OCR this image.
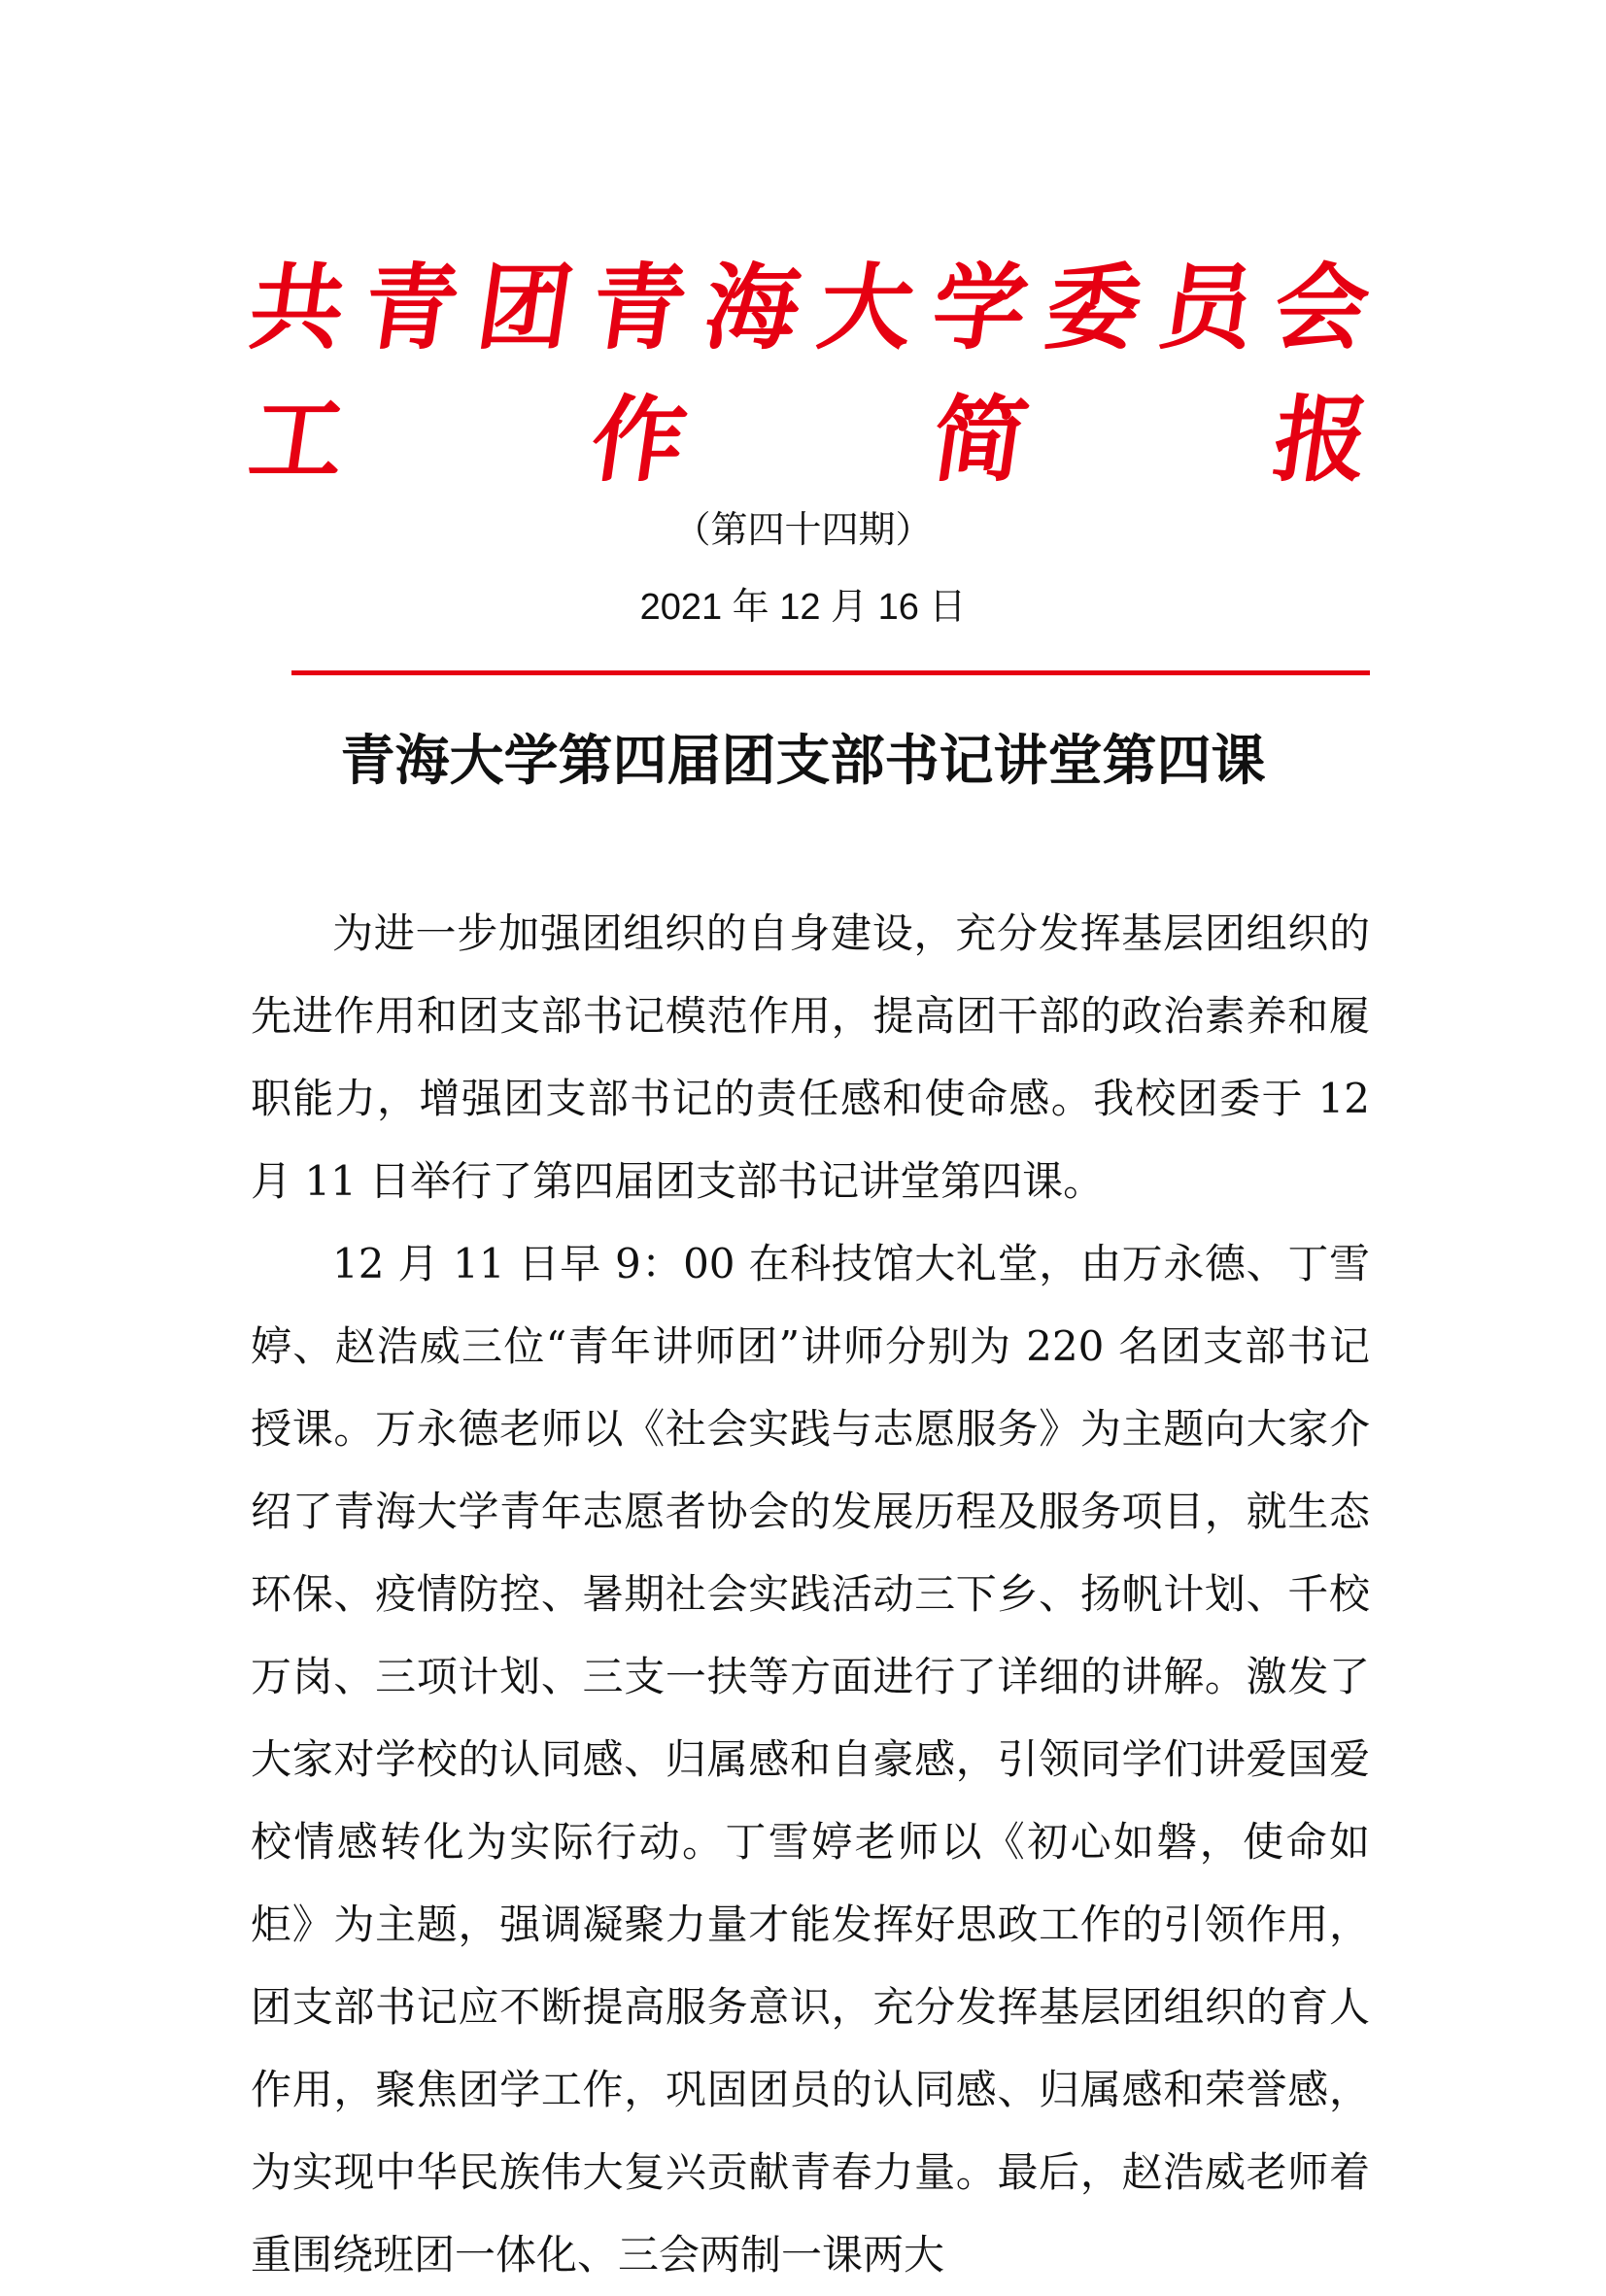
共 青 团 青 海 大 学 委 员 会
工 作 简 报
（第四十四期）
2021 年 12 月 16 日
青海大学第四届团支部书记讲堂第四课

为进一步加强团组织的自身建设，充分发挥基层团组织的先进作用和团支部书记模范作用，提高团干部的政治素养和履职能力，增强团支部书记的责任感和使命感。我校团委于 12 月 11 日举行了第四届团支部书记讲堂第四课。

12 月 11 日早 9：00 在科技馆大礼堂，由万永德、丁雪婷、赵浩威三位“青年讲师团”讲师分别为 220 名团支部书记授课。万永德老师以《社会实践与志愿服务》为主题向大家介绍了青海大学青年志愿者协会的发展历程及服务项目，就生态环保、疫情防控、暑期社会实践活动三下乡、扬帆计划、千校万岗、三项计划、三支一扶等方面进行了详细的讲解。激发了大家对学校的认同感、归属感和自豪感，引领同学们讲爱国爱校情感转化为实际行动。丁雪婷老师以《初心如磐，使命如炬》为主题，强调凝聚力量才能发挥好思政工作的引领作用，团支部书记应不断提高服务意识，充分发挥基层团组织的育人作用，聚焦团学工作，巩固团员的认同感、归属感和荣誉感，为实现中华民族伟大复兴贡献青春力量。最后，赵浩威老师着重围绕班团一体化、三会两制一课两大
